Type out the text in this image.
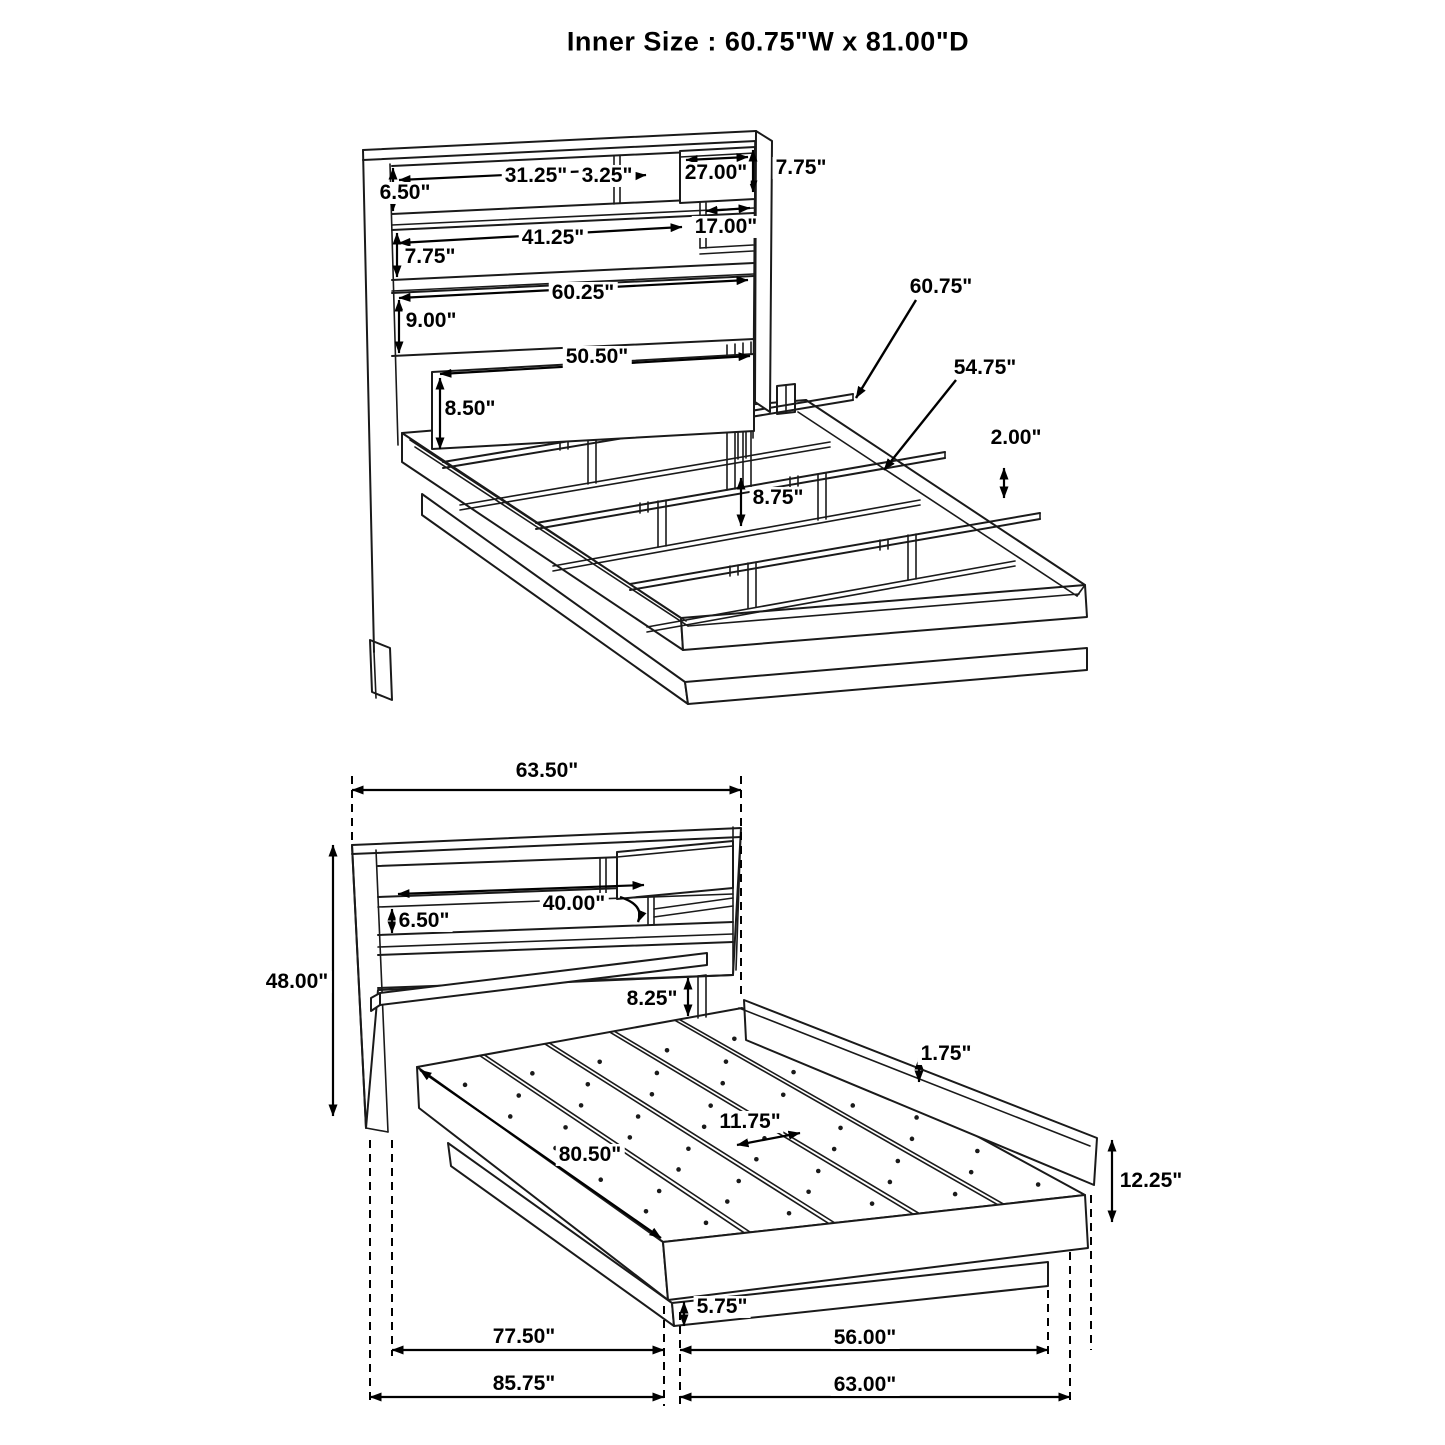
Inner Size : 60.75"W x 81.00"D
6.50"
31.25" 3.25" 27.00" 7.75"
41.25"	17.00"
7.75"
60.25"
9.00"
50.50"
8.50"
60.75"
54.75"
2.00"
8.75"
63.50"
48.00"
6.50"
40.00"
8.25"
1.75"
11.75"
80.50"
12.25"
5.75"
77.50"	56.00"
85.75"	63.00"
